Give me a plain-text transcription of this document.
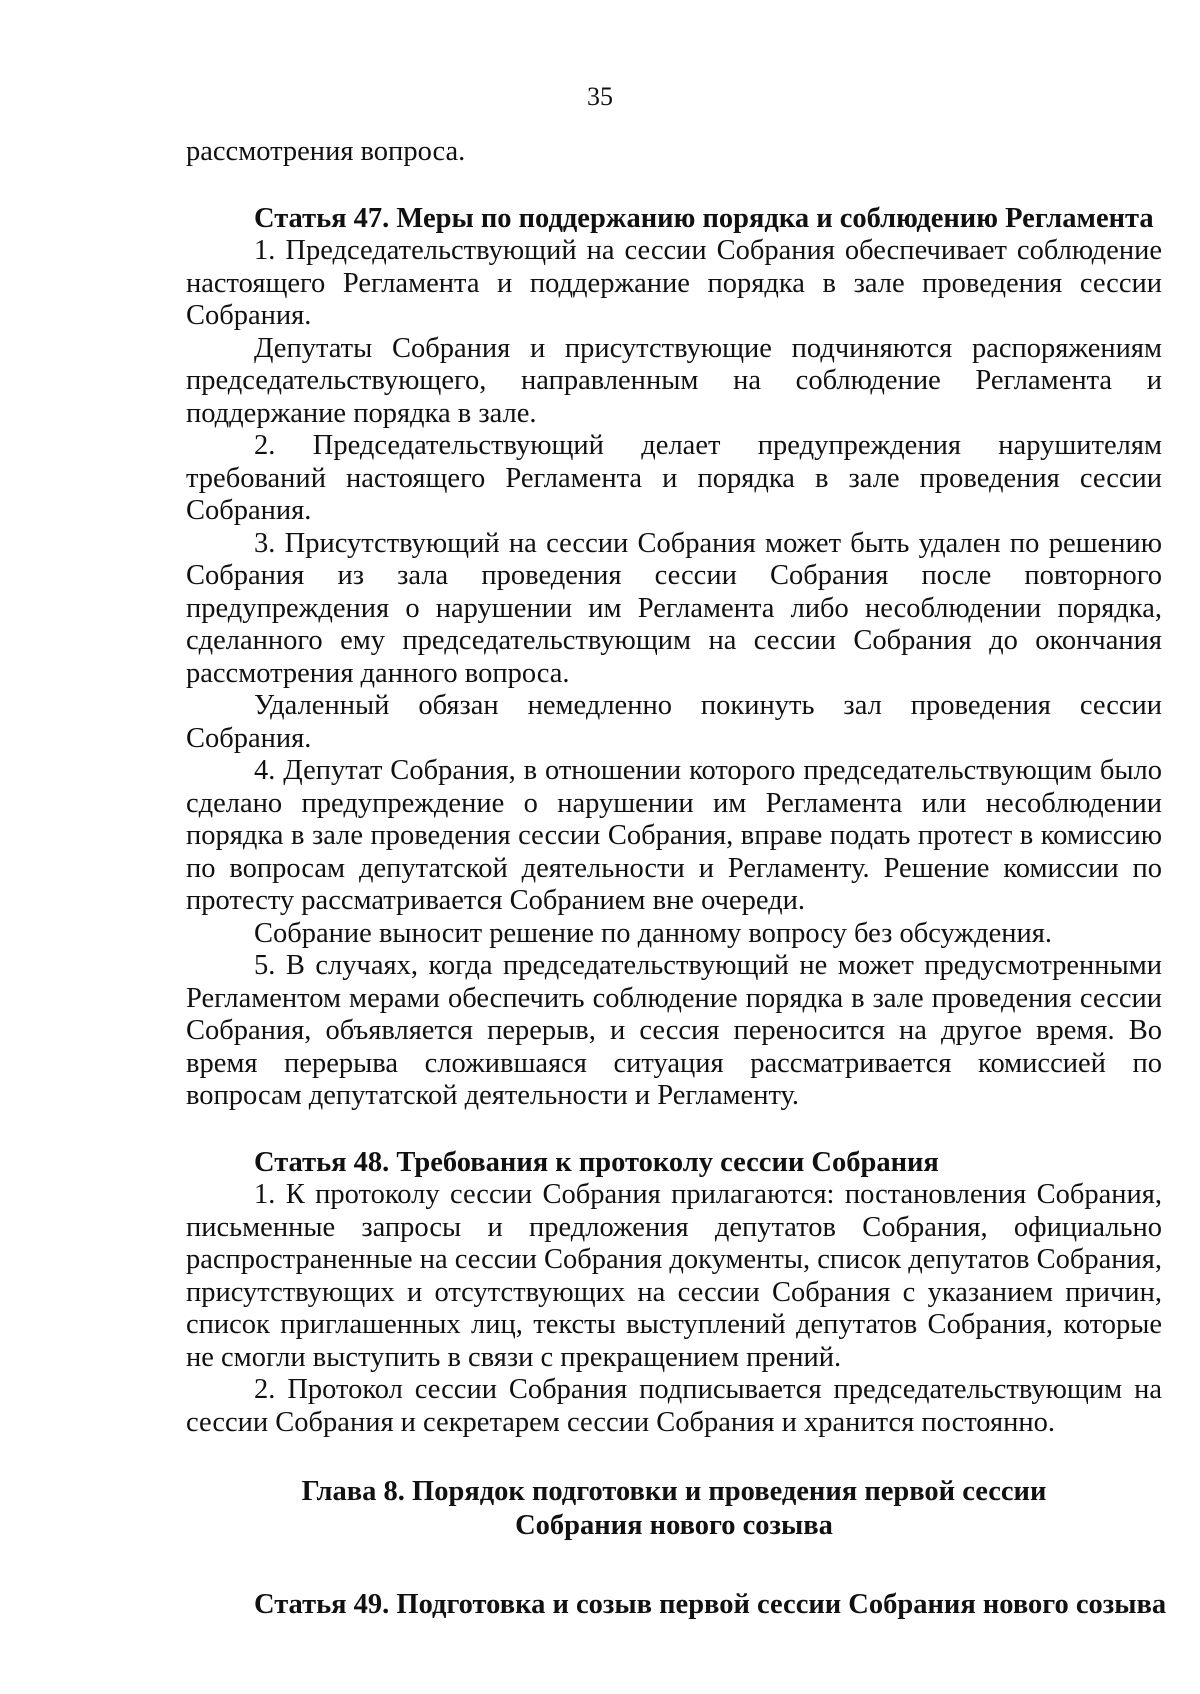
35

рассмотрения вопроса.

Статья 47. Меры по поддержанию порядка и соблюдению Регламента

1. Председательствующий на сессии Собрания обеспечивает соблюдение настоящего Регламента и поддержание порядка в зале проведения сессии Собрания.

Депутаты Собрания и присутствующие подчиняются распоряжениям председательствующего, направленным на соблюдение Регламента и поддержание порядка в зале.

2. Председательствующий делает предупреждения нарушителям требований настоящего Регламента и порядка в зале проведения сессии Собрания.

3. Присутствующий на сессии Собрания может быть удален по решению Собрания из зала проведения сессии Собрания после повторного предупреждения о нарушении им Регламента либо несоблюдении порядка, сделанного ему председательствующим на сессии Собрания до окончания рассмотрения данного вопроса.

Удаленный обязан немедленно покинуть зал проведения сессии Собрания.

4. Депутат Собрания, в отношении которого председательствующим было сделано предупреждение о нарушении им Регламента или несоблюдении порядка в зале проведения сессии Собрания, вправе подать протест в комиссию по вопросам депутатской деятельности и Регламенту. Решение комиссии по протесту рассматривается Собранием вне очереди.

Собрание выносит решение по данному вопросу без обсуждения.

5. В случаях, когда председательствующий не может предусмотренными Регламентом мерами обеспечить соблюдение порядка в зале проведения сессии Собрания, объявляется перерыв, и сессия переносится на другое время. Во время перерыва сложившаяся ситуация рассматривается комиссией по вопросам депутатской деятельности и Регламенту.

Статья 48. Требования к протоколу сессии Собрания

1. К протоколу сессии Собрания прилагаются: постановления Собрания, письменные запросы и предложения депутатов Собрания, официально распространенные на сессии Собрания документы, список депутатов Собрания, присутствующих и отсутствующих на сессии Собрания с указанием причин, список приглашенных лиц, тексты выступлений депутатов Собрания, которые не смогли выступить в связи с прекращением прений.

2. Протокол сессии Собрания подписывается председательствующим на сессии Собрания и секретарем сессии Собрания и хранится постоянно.

Глава 8. Порядок подготовки и проведения первой сессии
Собрания нового созыва
Статья 49. Подготовка и созыв первой сессии Собрания нового созыва
